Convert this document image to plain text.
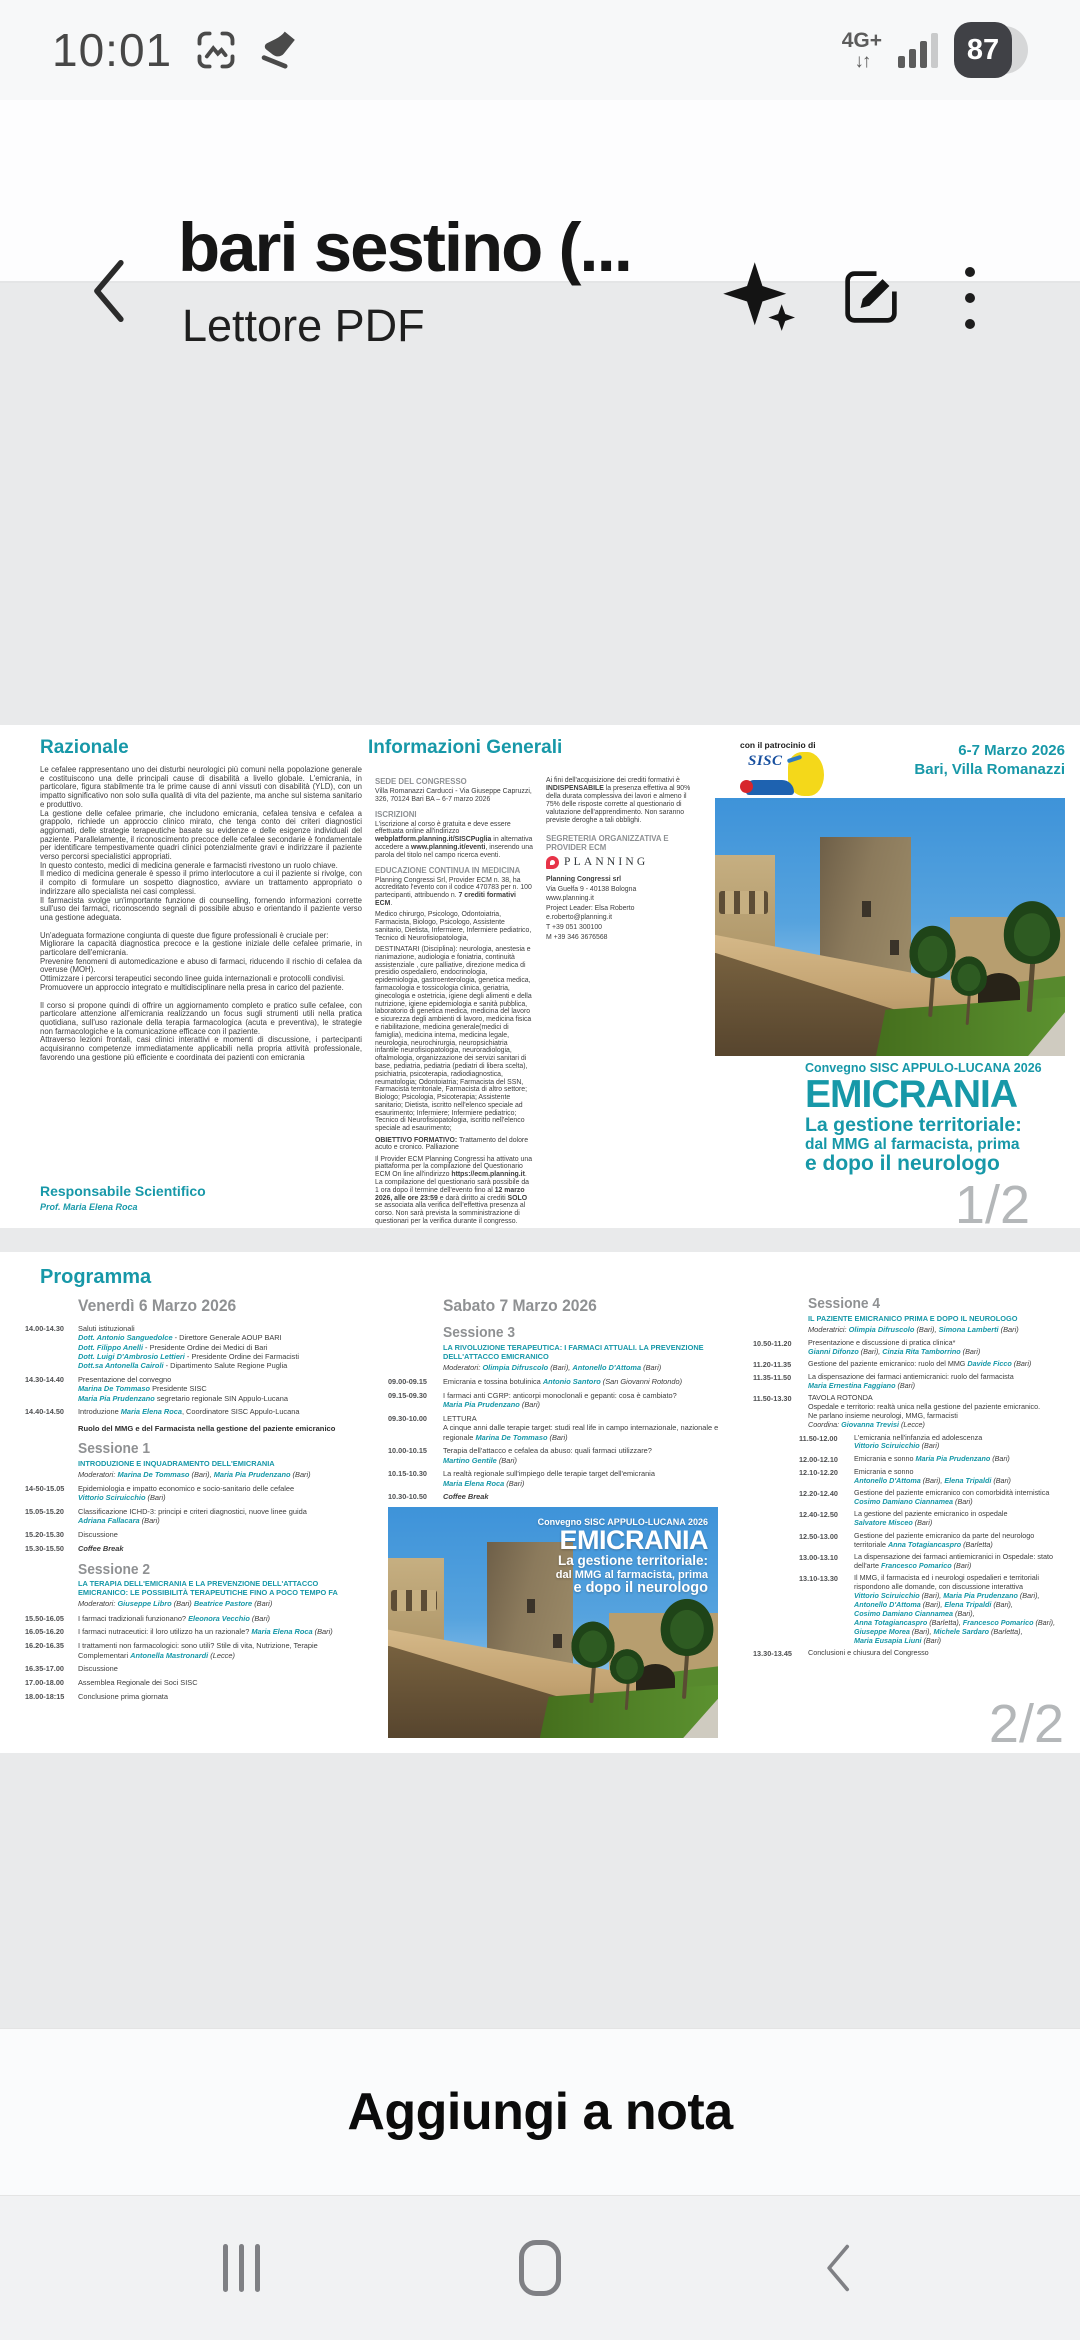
10:01	4G+
↓↑	87
bari sestino (...
Lettore PDF
Razionale

Le cefalee rappresentano uno dei disturbi neurologici più comuni nella popolazione generale e costituiscono una delle principali cause di disabilità a livello globale. L'emicrania, in particolare, figura stabilmente tra le prime cause di anni vissuti con disabilità (YLD), con un impatto significativo non solo sulla qualità di vita del paziente, ma anche sul sistema sanitario e produttivo.

La gestione delle cefalee primarie, che includono emicrania, cefalea tensiva e cefalea a grappolo, richiede un approccio clinico mirato, che tenga conto dei criteri diagnostici aggiornati, delle strategie terapeutiche basate su evidenze e delle esigenze individuali del paziente. Parallelamente, il riconoscimento precoce delle cefalee secondarie è fondamentale per identificare tempestivamente quadri clinici potenzialmente gravi e indirizzare il paziente verso percorsi specialistici appropriati.

In questo contesto, medici di medicina generale e farmacisti rivestono un ruolo chiave.

Il medico di medicina generale è spesso il primo interlocutore a cui il paziente si rivolge, con il compito di formulare un sospetto diagnostico, avviare un trattamento appropriato o indirizzare allo specialista nei casi complessi.

Il farmacista svolge un'importante funzione di counselling, fornendo informazioni corrette sull'uso dei farmaci, riconoscendo segnali di possibile abuso e orientando il paziente verso una gestione adeguata.

Un'adeguata formazione congiunta di queste due figure professionali è cruciale per:

Migliorare la capacità diagnostica precoce e la gestione iniziale delle cefalee primarie, in particolare dell'emicrania.

Prevenire fenomeni di automedicazione e abuso di farmaci, riducendo il rischio di cefalea da overuse (MOH).

Ottimizzare i percorsi terapeutici secondo linee guida internazionali e protocolli condivisi.

Promuovere un approccio integrato e multidisciplinare nella presa in carico del paziente.

Il corso si propone quindi di offrire un aggiornamento completo e pratico sulle cefalee, con particolare attenzione all'emicrania realizzando un focus sugli strumenti utili nella pratica quotidiana, sull'uso razionale della terapia farmacologica (acuta e preventiva), le strategie non farmacologiche e la comunicazione efficace con il paziente.

Attraverso lezioni frontali, casi clinici interattivi e momenti di discussione, i partecipanti acquisiranno competenze immediatamente applicabili nella propria attività professionale, favorendo una gestione più efficiente e coordinata dei pazienti con emicrania

Responsabile Scientifico
Prof. Maria Elena Roca
Informazioni Generali
SEDE DEL CONGRESSO
Villa Romanazzi Carducci - Via Giuseppe Capruzzi, 326, 70124 Bari BA – 6-7 marzo 2026
ISCRIZIONI
L'iscrizione al corso è gratuita e deve essere effettuata online all'indirizzo webplatform.planning.it/SISCPuglia in alternativa accedere a www.planning.it/eventi, inserendo una parola del titolo nel campo ricerca eventi.
EDUCAZIONE CONTINUA IN MEDICINA
Planning Congressi Srl, Provider ECM n. 38, ha accreditato l'evento con il codice 470783 per n. 100 partecipanti, attribuendo n. 7 crediti formativi ECM.
Medico chirurgo, Psicologo, Odontoiatria, Farmacista, Biologo, Psicologo, Assistente sanitario, Dietista, Infermiere, Infermiere pediatrico, Tecnico di Neurofisiopatologia,
DESTINATARI (Disciplina): neurologia, anestesia e rianimazione, audiologia e foniatria, continuità assistenziale , cure palliative, direzione medica di presidio ospedaliero, endocrinologia, epidemiologia, gastroenterologia, genetica medica, farmacologia e tossicologia clinica, geriatria, ginecologia e ostetricia, igiene degli alimenti e della nutrizione, igiene epidemiologia e sanità pubblica, laboratorio di genetica medica, medicina del lavoro e sicurezza degli ambienti di lavoro, medicina fisica e riabilitazione, medicina generale(medici di famiglia), medicina interna, medicina legale, neurologia, neurochirurgia, neuropsichiatria infantile neurofisiopatologia, neuroradiologia, oftalmologia, organizzazione dei servizi sanitari di base, pediatria, pediatria (pediatri di libera scelta), psichiatria, psicoterapia, radiodiagnostica, reumatologia; Odontoiatria; Farmacista del SSN, Farmacista territoriale, Farmacista di altro settore; Biologo; Psicologia, Psicoterapia; Assistente sanitario; Dietista, iscritto nell'elenco speciale ad esaurimento; Infermiere; Infermiere pediatrico; Tecnico di Neurofisiopatologia, iscritto nell'elenco speciale ad esaurimento;
OBIETTIVO FORMATIVO: Trattamento del dolore acuto e cronico. Palliazione
Il Provider ECM Planning Congressi ha attivato una piattaforma per la compilazione del Questionario ECM On line all'indirizzo https://ecm.planning.it. La compilazione del questionario sarà possibile da 1 ora dopo il termine dell'evento fino al 12 marzo 2026, alle ore 23:59 e darà diritto ai crediti SOLO se associata alla verifica dell'effettiva presenza al corso. Non sarà prevista la somministrazione di questionari per la verifica durante il congresso.
Ai fini dell'acquisizione dei crediti formativi è INDISPENSABILE la presenza effettiva al 90% della durata complessiva dei lavori e almeno il 75% delle risposte corrette al questionario di valutazione dell'apprendimento. Non saranno previste deroghe a tali obblighi.
SEGRETERIA ORGANIZZATIVA E PROVIDER ECM
PLANNING
Planning Congressi srl
Via Guelfa 9 - 40138 Bologna
www.planning.it
Project Leader: Elsa Roberto
e.roberto@planning.it
T +39 051 300100
M +39 346 3676568
con il patrocinio di
SISC
6-7 Marzo 2026
Bari, Villa Romanazzi
Convegno SISC APPULO-LUCANA 2026
EMICRANIA
La gestione territoriale:
dal MMG al farmacista, prima
e dopo il neurologo
1/2
Programma
Venerdì 6 Marzo 2026
14.00-14.30	Saluti istituzionali
Dott. Antonio Sanguedolce - Direttore Generale AOUP BARI
Dott. Filippo Anelli - Presidente Ordine dei Medici di Bari
Dott. Luigi D'Ambrosio Lettieri - Presidente Ordine dei Farmacisti
Dott.sa Antonella Cairoli - Dipartimento Salute Regione Puglia
14.30-14.40	Presentazione del convegno
Marina De Tommaso Presidente SISC
Maria Pia Prudenzano segretario regionale SIN Appulo-Lucana
14.40-14.50	Introduzione Maria Elena Roca, Coordinatore SISC Appulo-Lucana
Ruolo del MMG e del Farmacista nella gestione del paziente emicranico
Sessione 1
INTRODUZIONE E INQUADRAMENTO DELL'EMICRANIA
Moderatori: Marina De Tommaso (Bari), Maria Pia Prudenzano (Bari)
14-50-15.05	Epidemiologia e impatto economico e socio-sanitario delle cefalee
Vittorio Sciruicchio (Bari)
15.05-15.20	Classificazione ICHD-3: principi e criteri diagnostici, nuove linee guida
Adriana Fallacara (Bari)
15.20-15.30	Discussione
15.30-15.50	Coffee Break
Sessione 2
LA TERAPIA DELL'EMICRANIA E LA PREVENZIONE DELL'ATTACCO EMICRANICO: LE POSSIBILITÀ TERAPEUTICHE FINO A POCO TEMPO FA
Moderatori: Giuseppe Libro (Bari) Beatrice Pastore (Bari)
15.50-16.05	I farmaci tradizionali funzionano? Eleonora Vecchio (Bari)
16.05-16.20	I farmaci nutraceutici: il loro utilizzo ha un razionale? Maria Elena Roca (Bari)
16.20-16.35	I trattamenti non farmacologici: sono utili? Stile di vita, Nutrizione, Terapie Complementari Antonella Mastronardi (Lecce)
16.35-17.00	Discussione
17.00-18.00	Assemblea Regionale dei Soci SISC
18.00-18:15	Conclusione prima giornata
Sabato 7 Marzo 2026
Sessione 3
LA RIVOLUZIONE TERAPEUTICA: I FARMACI ATTUALI. LA PREVENZIONE DELL'ATTACCO EMICRANICO
Moderatori: Olimpia Difruscolo (Bari), Antonello D'Attoma (Bari)
09.00-09.15	Emicrania e tossina botulinica Antonio Santoro (San Giovanni Rotondo)
09.15-09.30	I farmaci anti CGRP: anticorpi monoclonali e gepanti: cosa è cambiato?
Maria Pia Prudenzano (Bari)
09.30-10.00	LETTURA
A cinque anni dalle terapie target: studi real life in campo internazionale, nazionale e regionale Marina De Tommaso (Bari)
10.00-10.15	Terapia dell'attacco e cefalea da abuso: quali farmaci utilizzare?
Martino Gentile (Bari)
10.15-10.30	La realtà regionale sull'impiego delle terapie target dell'emicrania
Maria Elena Roca (Bari)
10.30-10.50	Coffee Break
Convegno SISC APPULO-LUCANA 2026
EMICRANIA
La gestione territoriale:
dal MMG al farmacista, prima
e dopo il neurologo
Sessione 4
IL PAZIENTE EMICRANICO PRIMA E DOPO IL NEUROLOGO
Moderatrici: Olimpia Difruscolo (Bari), Simona Lamberti (Bari)
10.50-11.20	Presentazione e discussione di pratica clinica*
Gianni Difonzo (Bari), Cinzia Rita Tamborrino (Bari)
11.20-11.35	Gestione del paziente emicranico: ruolo del MMG Davide Ficco (Bari)
11.35-11.50	La dispensazione dei farmaci antiemicranici: ruolo del farmacista
Maria Ernestina Faggiano (Bari)
11.50-13.30	TAVOLA ROTONDA
Ospedale e territorio: realtà unica nella gestione del paziente emicranico.
Ne parlano insieme neurologi, MMG, farmacisti
Coordina: Giovanna Trevisi (Lecce)
11.50-12.00	L'emicrania nell'infanzia ed adolescenza
Vittorio Sciruicchio (Bari)
12.00-12.10	Emicrania e sonno Maria Pia Prudenzano (Bari)
12.10-12.20	Emicrania e sonno
Antonello D'Attoma (Bari), Elena Tripaldi (Bari)
12.20-12.40	Gestione del paziente emicranico con comorbidità internistica
Cosimo Damiano Ciannamea (Bari)
12.40-12.50	La gestione del paziente emicranico in ospedale
Salvatore Misceo (Bari)
12.50-13.00	Gestione del paziente emicranico da parte del neurologo territoriale Anna Totagiancaspro (Barletta)
13.00-13.10	La dispensazione dei farmaci antiemicranici in Ospedale: stato dell'arte Francesco Pomarico (Bari)
13.10-13.30	Il MMG, il farmacista ed i neurologi ospedalieri e territoriali rispondono alle domande, con discussione interattiva
Vittorio Sciruicchio (Bari), Maria Pia Prudenzano (Bari),
Antonello D'Attoma (Bari), Elena Tripaldi (Bari),
Cosimo Damiano Ciannamea (Bari),
Anna Totagiancaspro (Barletta), Francesco Pomarico (Bari),
Giuseppe Morea (Bari), Michele Sardaro (Barletta),
Maria Eusapia Liuni (Bari)
13.30-13.45	Conclusioni e chiusura del Congresso
2/2
Aggiungi a nota
